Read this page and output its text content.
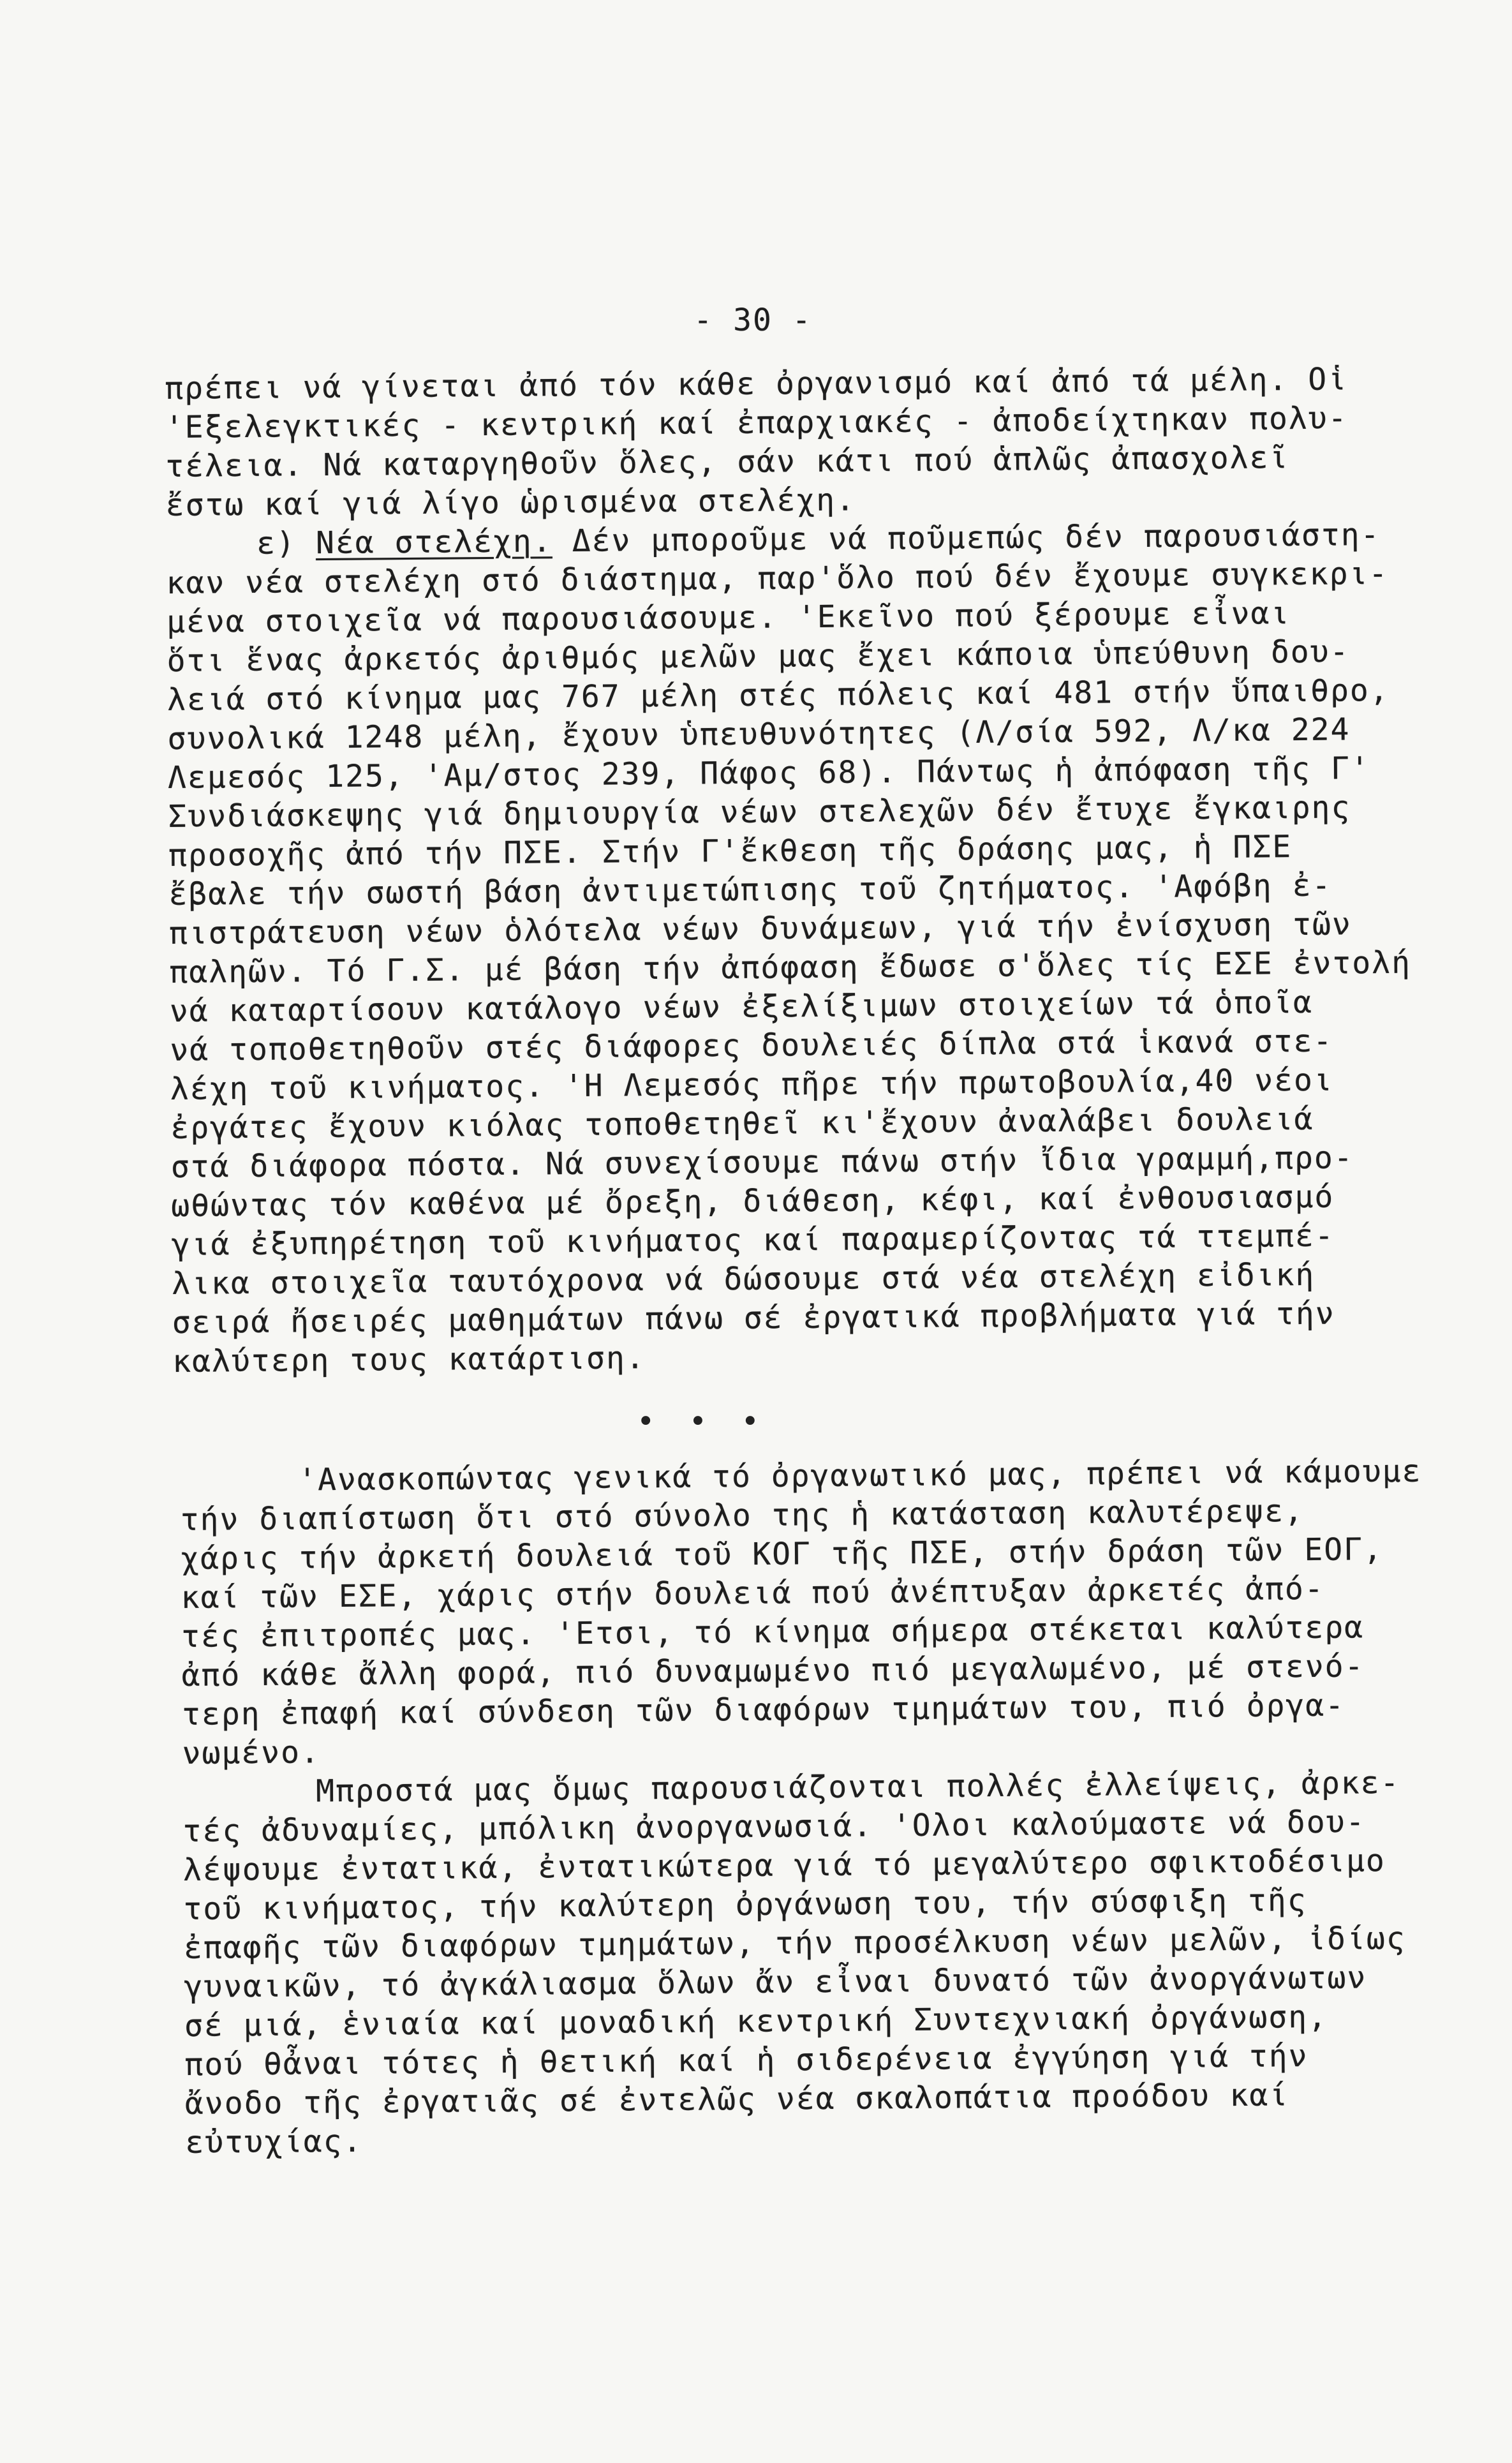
- 30 -
πρέπει νά γίνεται ἀπό τόν κάθε ὀργανισμό καί ἀπό τά μέλη. Οἱ
'Εξελεγκτικές - κεντρική καί ἐπαρχιακές - ἀποδείχτηκαν πολυ-
τέλεια. Νά καταργηθοῦν ὅλες, σάν κάτι πού ἁπλῶς ἀπασχολεῖ
ἔστω καί γιά λίγο ὡρισμένα στελέχη.
ε) Νέα στελέχη. Δέν μποροῦμε νά ποῦμεπώς δέν παρουσιάστη-
καν νέα στελέχη στό διάστημα, παρ'ὅλο πού δέν ἔχουμε συγκεκρι-
μένα στοιχεῖα νά παρουσιάσουμε. 'Εκεῖνο πού ξέρουμε εἶναι
ὅτι ἕνας ἀρκετός ἀριθμός μελῶν μας ἔχει κάποια ὑπεύθυνη δου-
λειά στό κίνημα μας 767 μέλη στές πόλεις καί 481 στήν ὕπαιθρο,
συνολικά 1248 μέλη, ἔχουν ὑπευθυνότητες (Λ/σία 592, Λ/κα 224
Λεμεσός 125, 'Αμ/στος 239, Πάφος 68). Πάντως ἡ ἀπόφαση τῆς Γ'
Συνδιάσκεψης γιά δημιουργία νέων στελεχῶν δέν ἔτυχε ἔγκαιρης
προσοχῆς ἀπό τήν ΠΣΕ. Στήν Γ'ἔκθεση τῆς δράσης μας, ἡ ΠΣΕ
ἔβαλε τήν σωστή βάση ἀντιμετώπισης τοῦ ζητήματος. 'Αφόβη ἐ-
πιστράτευση νέων ὁλότελα νέων δυνάμεων, γιά τήν ἐνίσχυση τῶν
παληῶν. Τό Γ.Σ. μέ βάση τήν ἀπόφαση ἔδωσε σ'ὅλες τίς ΕΣΕ ἐντολή
νά καταρτίσουν κατάλογο νέων ἐξελίξιμων στοιχείων τά ὁποῖα
νά τοποθετηθοῦν στές διάφορες δουλειές δίπλα στά ἱκανά στε-
λέχη τοῦ κινήματος. 'Η Λεμεσός πῆρε τήν πρωτοβουλία,40 νέοι
ἐργάτες ἔχουν κιόλας τοποθετηθεῖ κι'ἔχουν ἀναλάβει δουλειά
στά διάφορα πόστα. Νά συνεχίσουμε πάνω στήν ἴδια γραμμή,προ-
ωθώντας τόν καθένα μέ ὄρεξη, διάθεση, κέφι, καί ἐνθουσιασμό
γιά ἐξυπηρέτηση τοῦ κινήματος καί παραμερίζοντας τά ττεμπέ-
λικα στοιχεῖα ταυτόχρονα νά δώσουμε στά νέα στελέχη εἰδική
σειρά ἤσειρές μαθημάτων πάνω σέ ἐργατικά προβλήματα γιά τήν
καλύτερη τους κατάρτιση.
• • •
'Ανασκοπώντας γενικά τό ὀργανωτικό μας, πρέπει νά κάμουμε
τήν διαπίστωση ὅτι στό σύνολο της ἡ κατάσταση καλυτέρεψε,
χάρις τήν ἀρκετή δουλειά τοῦ ΚΟΓ τῆς ΠΣΕ, στήν δράση τῶν ΕΟΓ,
καί τῶν ΕΣΕ, χάρις στήν δουλειά πού ἀνέπτυξαν ἀρκετές ἀπό-
τές ἐπιτροπές μας. 'Ετσι, τό κίνημα σήμερα στέκεται καλύτερα
ἀπό κάθε ἄλλη φορά, πιό δυναμωμένο πιό μεγαλωμένο, μέ στενό-
τερη ἐπαφή καί σύνδεση τῶν διαφόρων τμημάτων του, πιό ὀργα-
νωμένο.
Μπροστά μας ὅμως παρουσιάζονται πολλές ἐλλείψεις, ἀρκε-
τές ἀδυναμίες, μπόλικη ἀνοργανωσιά. 'Ολοι καλούμαστε νά δου-
λέψουμε ἐντατικά, ἐντατικώτερα γιά τό μεγαλύτερο σφικτοδέσιμο
τοῦ κινήματος, τήν καλύτερη ὀργάνωση του, τήν σύσφιξη τῆς
ἐπαφῆς τῶν διαφόρων τμημάτων, τήν προσέλκυση νέων μελῶν, ἰδίως
γυναικῶν, τό ἀγκάλιασμα ὅλων ἄν εἶναι δυνατό τῶν ἀνοργάνωτων
σέ μιά, ἑνιαία καί μοναδική κεντρική Συντεχνιακή ὀργάνωση,
πού θἆναι τότες ἡ θετική καί ἡ σιδερένεια ἐγγύηση γιά τήν
ἄνοδο τῆς ἐργατιᾶς σέ ἐντελῶς νέα σκαλοπάτια προόδου καί
εὐτυχίας.
